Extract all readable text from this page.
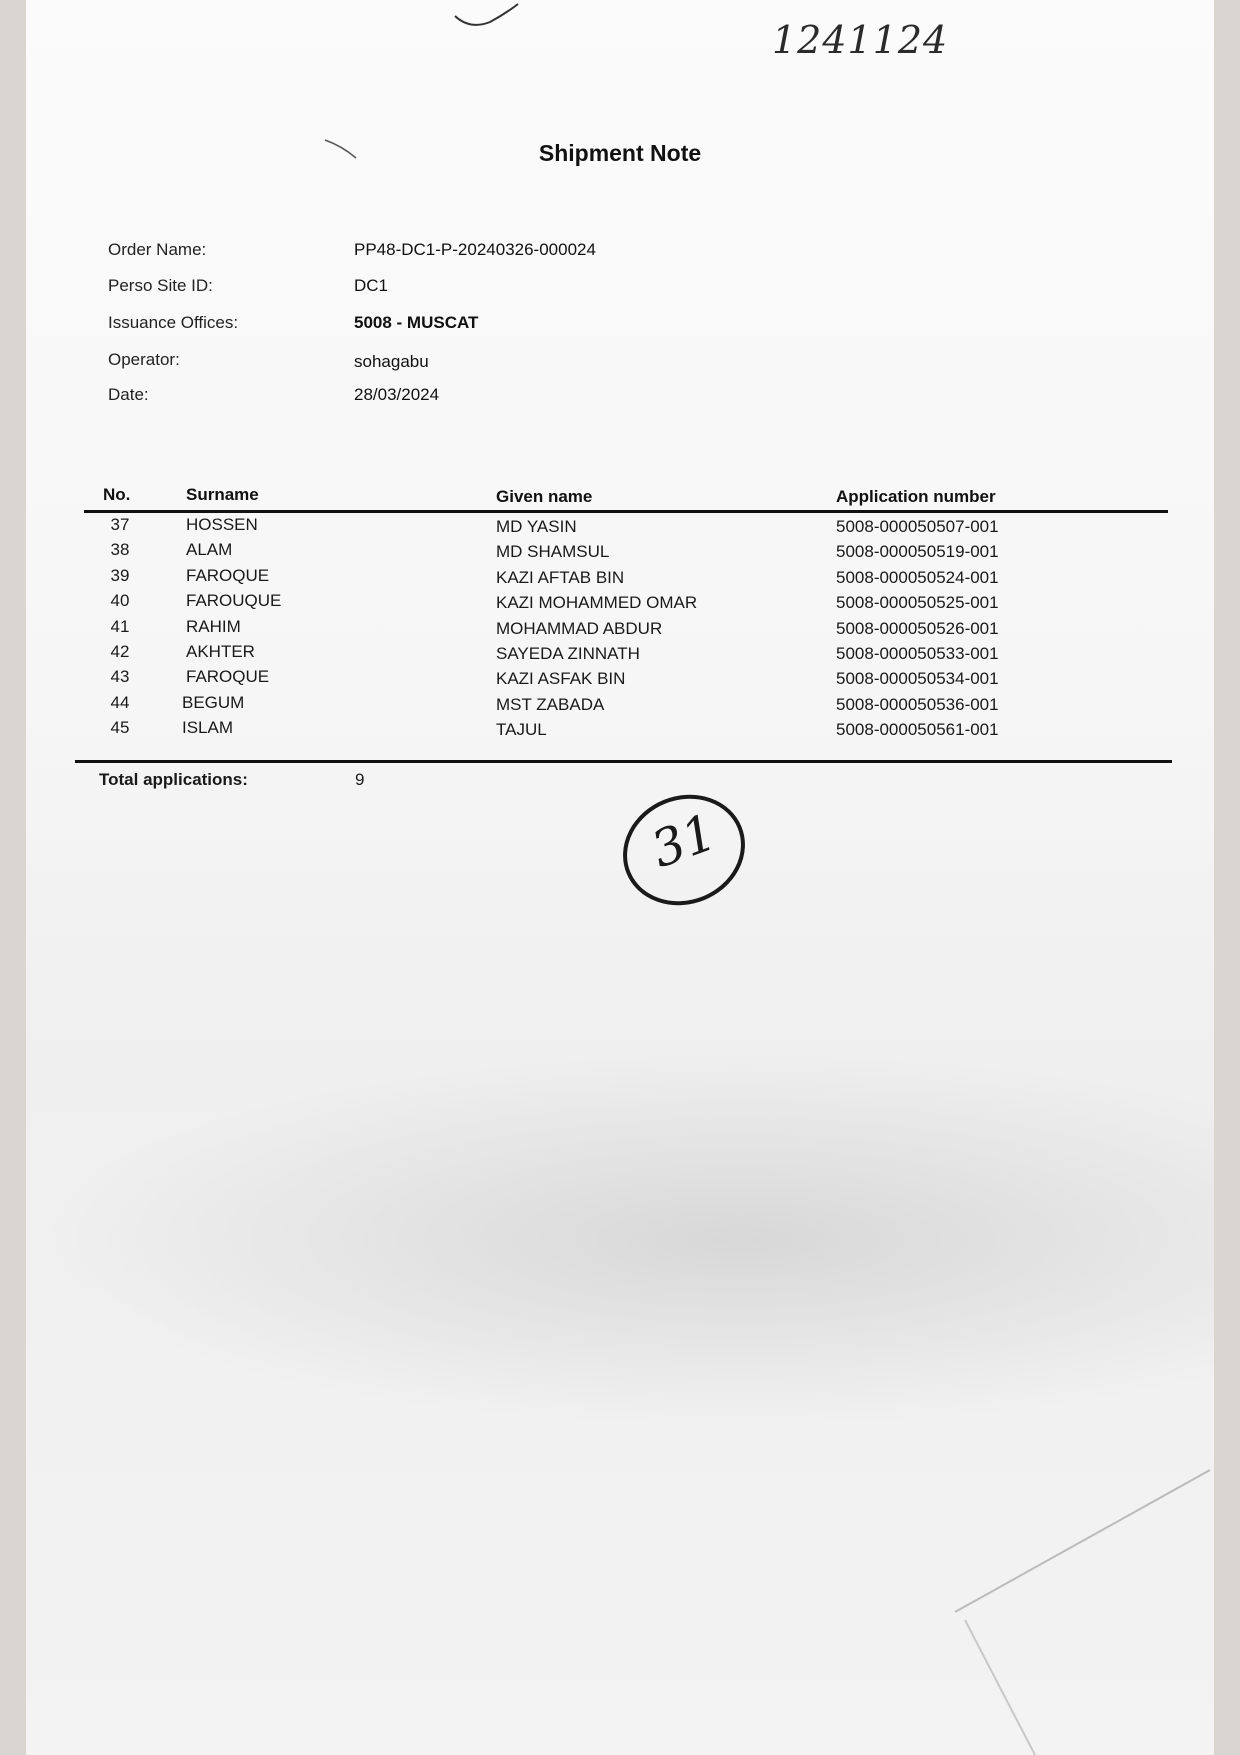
1241124
Shipment Note
Order Name:	PP48-DC1-P-20240326-000024
Perso Site ID:	DC1
Issuance Offices:	5008 - MUSCAT
Operator:	sohagabu
Date:	28/03/2024
No.	Surname	Given name	Application number
37	HOSSEN	MD YASIN	5008-000050507-001
38	ALAM	MD SHAMSUL	5008-000050519-001
39	FAROQUE	KAZI AFTAB BIN	5008-000050524-001
40	FAROUQUE	KAZI MOHAMMED OMAR	5008-000050525-001
41	RAHIM	MOHAMMAD ABDUR	5008-000050526-001
42	AKHTER	SAYEDA ZINNATH	5008-000050533-001
43	FAROQUE	KAZI ASFAK BIN	5008-000050534-001
44	BEGUM	MST ZABADA	5008-000050536-001
45	ISLAM	TAJUL	5008-000050561-001
Total applications:	9
31
